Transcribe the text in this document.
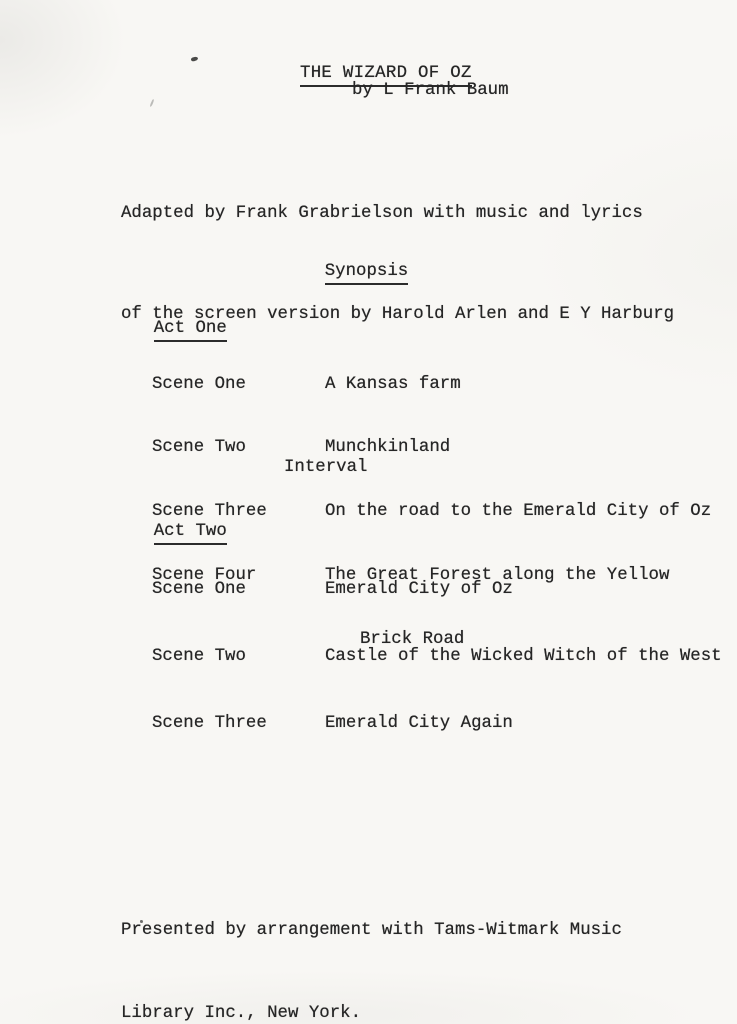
THE WIZARD OF OZ

by L Frank Baum

Adapted by Frank Grabrielson with music and lyrics

of the screen version by Harold Arlen and E Y Harburg

Synopsis

Act One

Scene One	A Kansas farm

Scene Two	Munchkinland

Scene Three	On the road to the Emerald City of Oz

Scene Four	The Great Forest along the Yellow

Brick Road

Interval

Act Two

Scene One	Emerald City of Oz

Scene Two	Castle of the Wicked Witch of the West

Scene Three	Emerald City Again

Presented by arrangement with Tams-Witmark Music

Library Inc., New York.
